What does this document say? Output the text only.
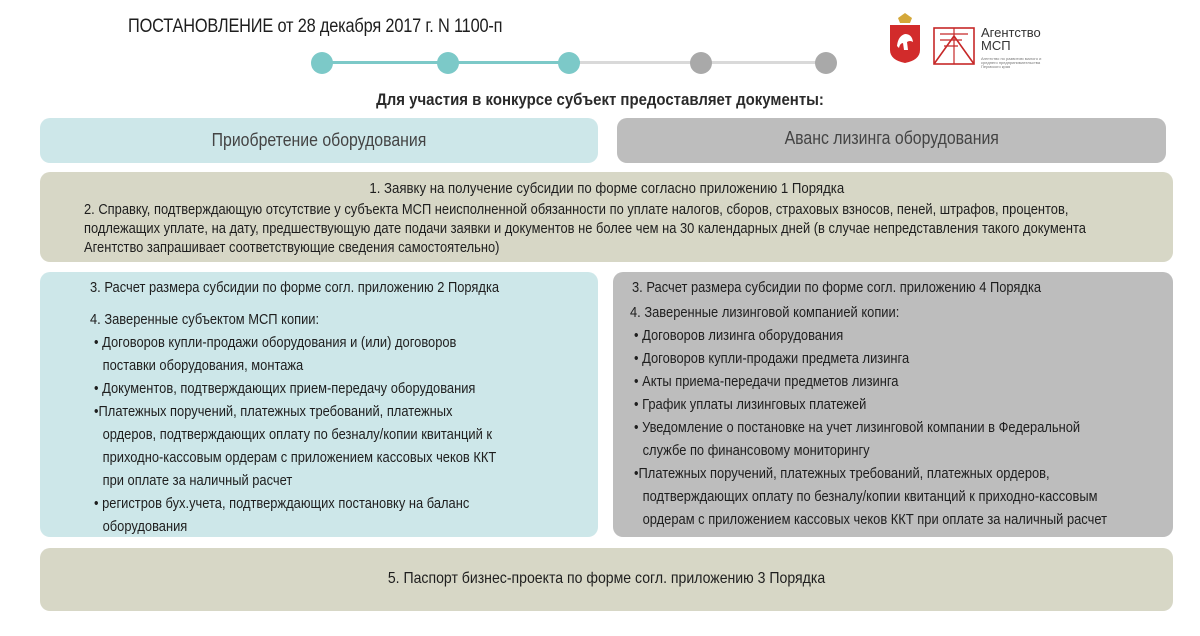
ПОСТАНОВЛЕНИЕ от 28 декабря 2017 г. N 1100-п	Агентство
МСП
Агентство по развитию малого и среднего предпринимательства Пермского края
Для участия в конкурсе субъект предоставляет документы:
Приобретение оборудования	Аванс лизинга оборудования
1. Заявку на получение субсидии по форме согласно приложению 1 Порядка
2. Справку, подтверждающую отсутствие у субъекта МСП неисполненной обязанности по уплате налогов, сборов, страховых взносов, пеней, штрафов, процентов, подлежащих уплате, на дату, предшествующую дате подачи заявки и документов не более чем на 30 календарных дней (в случае непредставления такого документа Агентство запрашивает соответствующие сведения самостоятельно)
3. Расчет размера субсидии по форме согл. приложению 2 Порядка
4. Заверенные субъектом МСП копии:
• Договоров купли-продажи оборудования и (или) договоров
поставки оборудования, монтажа
• Документов, подтверждающих прием-передачу оборудования
•Платежных поручений, платежных требований, платежных
ордеров, подтверждающих оплату по безналу/копии квитанций к
приходно-кассовым ордерам с приложением кассовых чеков ККТ
при оплате за наличный расчет
• регистров бух.учета, подтверждающих постановку на баланс
оборудования
3. Расчет размера субсидии по форме согл. приложению 4 Порядка
4. Заверенные лизинговой компанией копии:
• Договоров лизинга оборудования
• Договоров купли-продажи предмета лизинга
• Акты приема-передачи предметов лизинга
• График уплаты лизинговых платежей
• Уведомление о постановке на учет лизинговой компании в Федеральной
службе по финансовому мониторингу
•Платежных поручений, платежных требований, платежных ордеров,
подтверждающих оплату по безналу/копии квитанций к приходно-кассовым
ордерам с приложением кассовых чеков ККТ при оплате за наличный расчет
5. Паспорт бизнес-проекта по форме согл. приложению 3 Порядка
